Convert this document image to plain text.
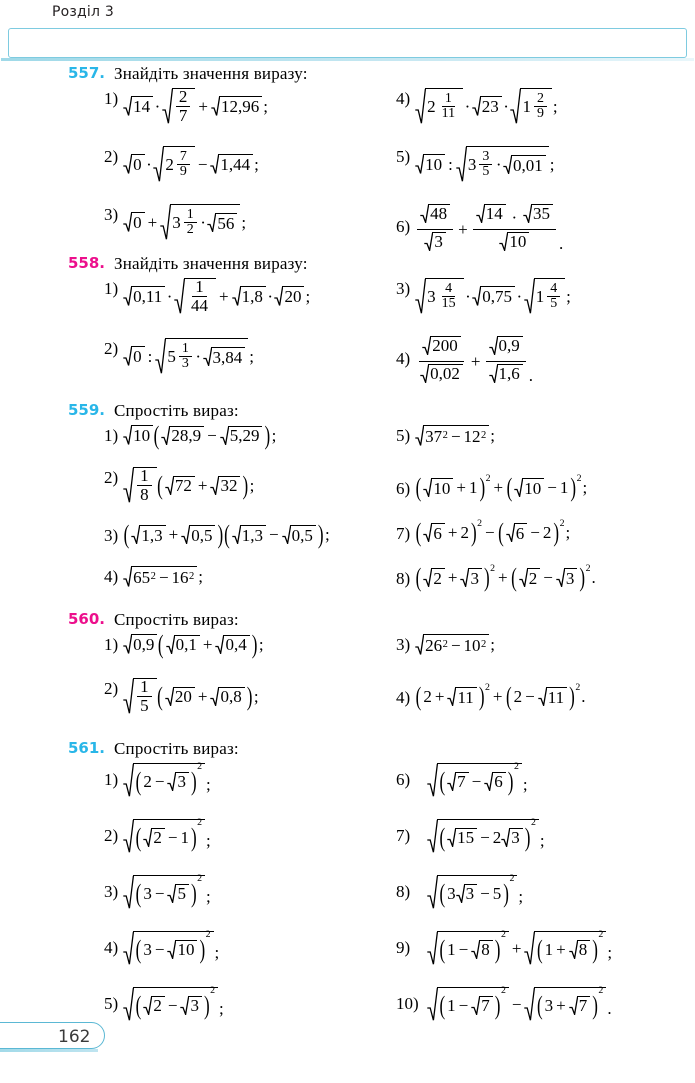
Розділ 3
557. Знайдіть значення виразу:
1) $14 \cdot \frac{2}{7} + 12,96$ ;
2) $0 \cdot 2 \frac{7}{9} - 1,44$ ;
3) $0 + 3 \frac{1}{2} \cdot 56$ ;
4) $2 \frac{1}{11} \cdot 23 \cdot 1 \frac{2}{9}$ ;
5) 10 : $3 \frac{3}{5} \cdot 0,01$ ;
$6) \frac{48}{3}$ +
14 · 35
10 .
558. Знайдіть значення виразу:
1) $0,11 \cdot \frac{1}{44} + 1,8 \cdot 20$ ;
2) 0 : $5 \frac{1}{3} \cdot 3,84$ ;
3) $3 \frac{4}{15} \cdot 0,75 \cdot 1 \frac{4}{5}$ ;
$4) \frac{200}{0,02} + \frac{0,9}{1,6}$ .
559. Спростіть вираз:
1) 10 ( 28,9 − 5,29 ) ;
$2) \frac{1}{8}$ ( 72 + 32 ) ;
3) ( 1,3 + 0,5 ) ( 1,3 − 0,5 ) ;
4) 65 2 − 16 2 ;
5) 37 2 − 12 2 ;
6) ( 10 + 1 ) 2 + ( 10 − 1 ) 2 ;
7) ( 6 + 2 ) 2 − ( 6 − 2 ) 2 ;
8) ( 2 + 3 ) 2 + ( 2 − 3 ) 2 .
560. Спростіть вираз:
1) 0,9 ( 0,1 + 0,4 ) ;
$2) \frac{1}{5}$ ( 20 + 0,8 ) ;
3) 26 2 − 10 2 ;
4) ( 2 + 11 ) 2 + ( 2 − 11 ) 2 .
561. Спростіть вираз:
1) ( 2 − 3 ) 2
;
2) ( 2 − 1 ) 2
;
3) ( 3 − 5 ) 2
;
4) ( 3 − 10 ) 2
;
5) ( 2 − 3 ) 2
;
6)	( 7 − 6 ) 2
;
7)	( 15 − 2 3 ) 2
;
8)	( 3 3 − 5 ) 2
;
9)	( 1 − 8 ) 2
+ ( 1 + 8 ) 2
;
10)	( 1 − 7 ) 2
− ( 3 + 7 ) 2
.
162
